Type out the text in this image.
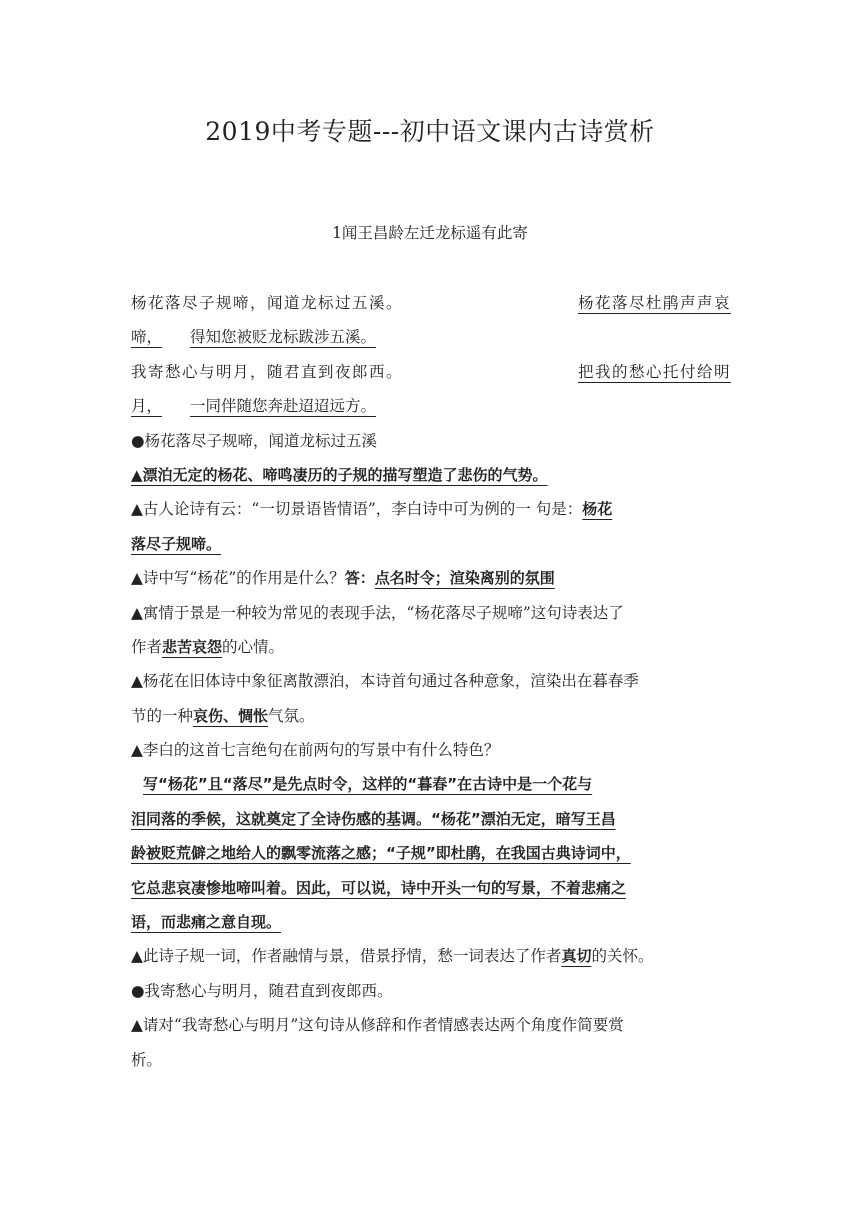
2019中考专题---初中语文课内古诗赏析
1闻王昌龄左迁龙标遥有此寄
杨花落尽子规啼，闻道龙标过五溪。	杨花落尽杜鹃声声哀
啼， 得知您被贬龙标跋涉五溪。
我寄愁心与明月，随君直到夜郎西。	把我的愁心托付给明
月， 一同伴随您奔赴迢迢远方。
●杨花落尽子规啼，闻道龙标过五溪
▲漂泊无定的杨花、啼鸣凄历的子规的描写塑造了悲伤的气势。
▲古人论诗有云：“一切景语皆情语”，李白诗中可为例的一 句是：杨花
落尽子规啼。
▲诗中写“杨花”的作用是什么？答：点名时令；渲染离别的氛围
▲寓情于景是一种较为常见的表现手法，“杨花落尽子规啼”这句诗表达了
作者悲苦哀怨的心情。
▲杨花在旧体诗中象征离散漂泊，本诗首句通过各种意象，渲染出在暮春季
节的一种哀伤、惆怅气氛。
▲李白的这首七言绝句在前两句的写景中有什么特色？
写“杨花”且“落尽”是先点时令，这样的“暮春”在古诗中是一个花与
泪同落的季候，这就奠定了全诗伤感的基调。“杨花”漂泊无定，暗写王昌
龄被贬荒僻之地给人的飘零流落之感；“子规”即杜鹃，在我国古典诗词中，
它总悲哀凄惨地啼叫着。因此，可以说，诗中开头一句的写景，不着悲痛之
语，而悲痛之意自现。
▲此诗子规一词，作者融情与景，借景抒情，愁一词表达了作者真切的关怀。
●我寄愁心与明月，随君直到夜郎西。
▲请对“我寄愁心与明月”这句诗从修辞和作者情感表达两个角度作简要赏
析。
